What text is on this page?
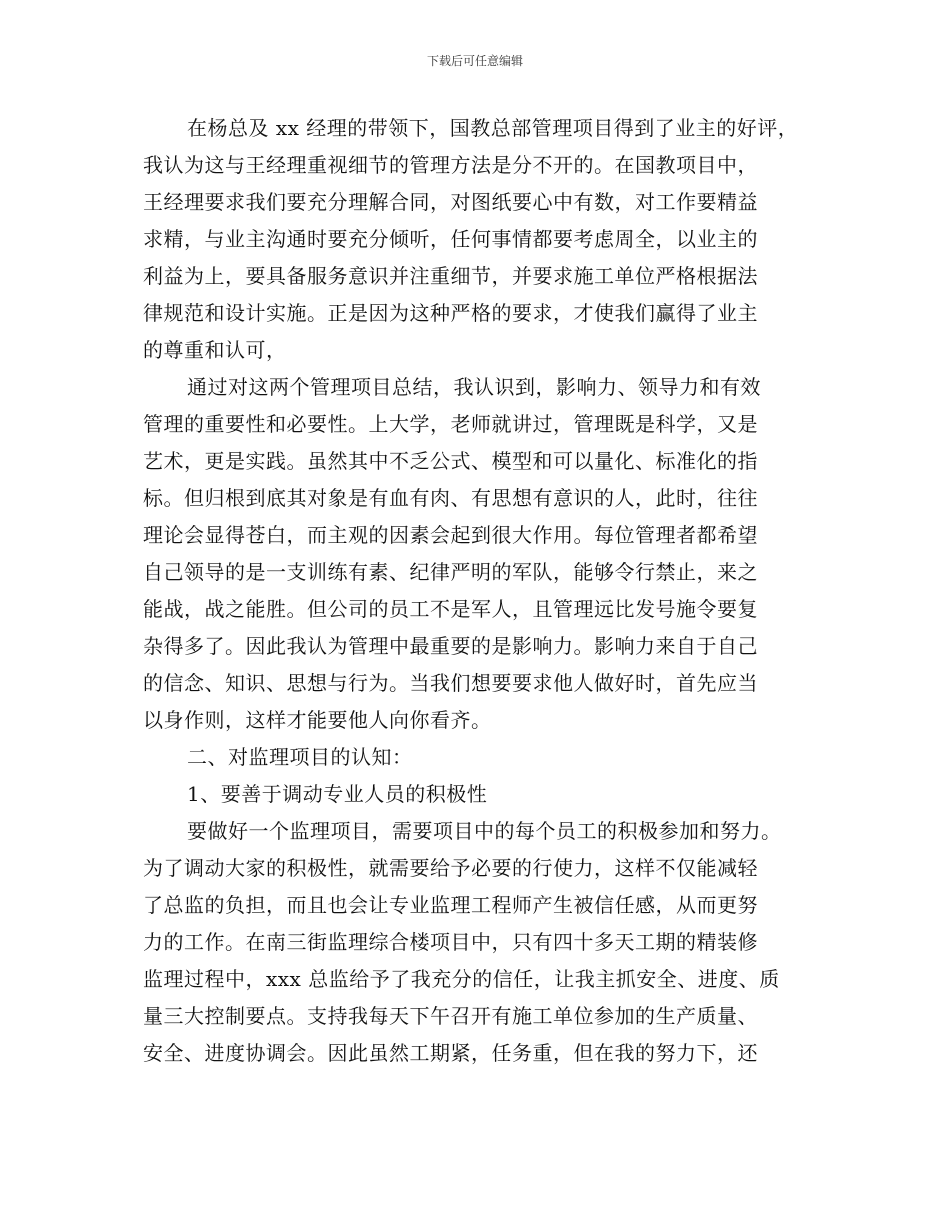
下载后可任意编辑
在杨总及 xx 经理的带领下，国教总部管理项目得到了业主的好评，
我认为这与王经理重视细节的管理方法是分不开的。在国教项目中，
王经理要求我们要充分理解合同，对图纸要心中有数，对工作要精益
求精，与业主沟通时要充分倾听，任何事情都要考虑周全，以业主的
利益为上，要具备服务意识并注重细节，并要求施工单位严格根据法
律规范和设计实施。正是因为这种严格的要求，才使我们赢得了业主
的尊重和认可，
通过对这两个管理项目总结，我认识到，影响力、领导力和有效
管理的重要性和必要性。上大学，老师就讲过，管理既是科学，又是
艺术，更是实践。虽然其中不乏公式、模型和可以量化、标准化的指
标。但归根到底其对象是有血有肉、有思想有意识的人，此时，往往
理论会显得苍白，而主观的因素会起到很大作用。每位管理者都希望
自己领导的是一支训练有素、纪律严明的军队，能够令行禁止，来之
能战，战之能胜。但公司的员工不是军人，且管理远比发号施令要复
杂得多了。因此我认为管理中最重要的是影响力。影响力来自于自己
的信念、知识、思想与行为。当我们想要要求他人做好时，首先应当
以身作则，这样才能要他人向你看齐。
二、对监理项目的认知：
1、要善于调动专业人员的积极性
要做好一个监理项目，需要项目中的每个员工的积极参加和努力。
为了调动大家的积极性，就需要给予必要的行使力，这样不仅能减轻
了总监的负担，而且也会让专业监理工程师产生被信任感，从而更努
力的工作。在南三街监理综合楼项目中，只有四十多天工期的精装修
监理过程中，xxx 总监给予了我充分的信任，让我主抓安全、进度、质
量三大控制要点。支持我每天下午召开有施工单位参加的生产质量、
安全、进度协调会。因此虽然工期紧，任务重，但在我的努力下，还
